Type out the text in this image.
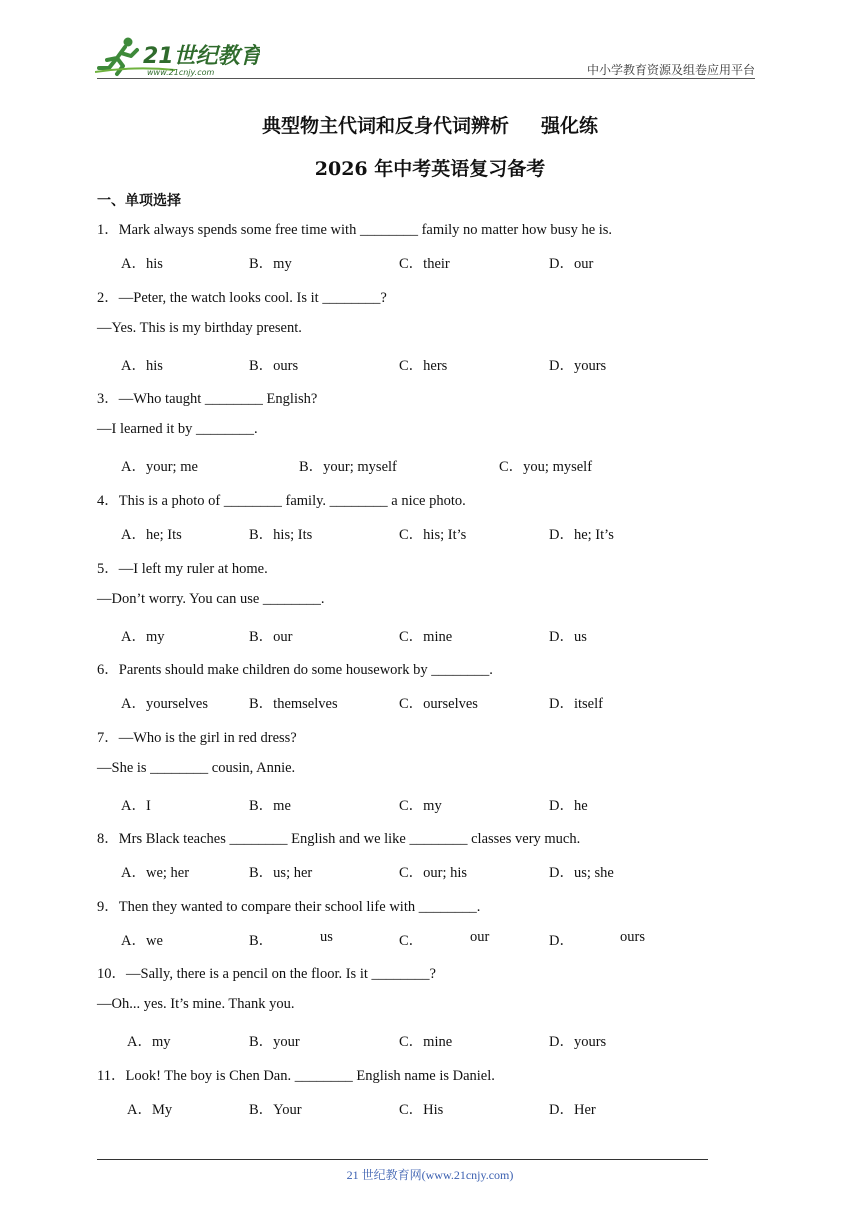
21世纪教育
www.21cnjy.com	中小学教育资源及组卷应用平台
典型物主代词和反身代词辨析 强化练
2026 年中考英语复习备考
一、单项选择
1．Mark always spends some free time with ________ family no matter how busy he is.
A．his	B．my	C．their	D．our
2．—Peter, the watch looks cool. Is it ________?
—Yes. This is my birthday present.
A．his	B．ours	C．hers	D．yours
3．—Who taught ________ English?
—I learned it by ________.
A．your; me	B．your; myself	C．you; myself
4．This is a photo of ________ family. ________ a nice photo.
A．he; Its	B．his; Its	C．his; It’s	D．he; It’s
5．—I left my ruler at home.
—Don’t worry. You can use ________.
A．my	B．our	C．mine	D．us
6．Parents should make children do some housework by ________.
A．yourselves	B．themselves	C．ourselves	D．itself
7．—Who is the girl in red dress?
—She is ________ cousin, Annie.
A．I	B．me	C．my	D．he
8．Mrs Black teaches ________ English and we like ________ classes very much.
A．we; her	B．us; her	C．our; his	D．us; she
9．Then they wanted to compare their school life with ________.
A．we	B．	us	C．	our	D．	ours
10．—Sally, there is a pencil on the floor. Is it ________?
—Oh... yes. It’s mine. Thank you.
A．my	B．your	C．mine	D．yours
11．Look! The boy is Chen Dan. ________ English name is Daniel.
A．My	B．Your	C．His	D．Her
21 世纪教育网(www.21cnjy.com)
